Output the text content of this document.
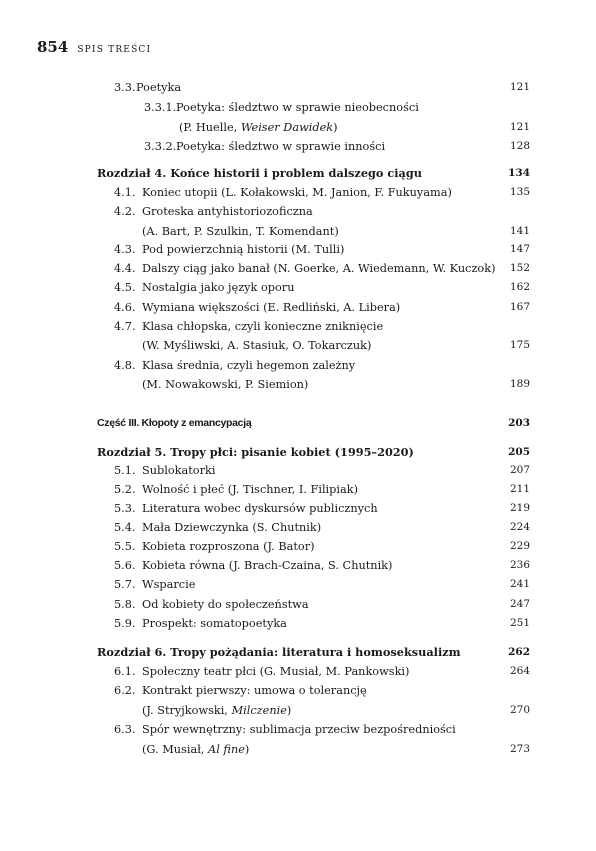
854 SPIS TREŚCI
3.3. Poetyka	121
3.3.1. Poetyka: śledztwo w sprawie nieobecności
(P. Huelle, Weiser Dawidek)	121
3.3.2. Poetyka: śledztwo w sprawie inności	128
Rozdział 4. Końce historii i problem dalszego ciągu	134
4.1. Koniec utopii (L. Kołakowski, M. Janion, F. Fukuyama)	135
4.2. Groteska antyhistoriozoficzna
(A. Bart, P. Szulkin, T. Komendant)	141
4.3. Pod powierzchnią historii (M. Tulli)	147
4.4. Dalszy ciąg jako banał (N. Goerke, A. Wiedemann, W. Kuczok) 152
4.5. Nostalgia jako język oporu	162
4.6. Wymiana większości (E. Redliński, A. Libera)	167
4.7. Klasa chłopska, czyli konieczne zniknięcie
(W. Myśliwski, A. Stasiuk, O. Tokarczuk)	175
4.8. Klasa średnia, czyli hegemon zależny
(M. Nowakowski, P. Siemion)	189
Część III. Kłopoty z emancypacją	203
Rozdział 5. Tropy płci: pisanie kobiet (1995–2020)	205
5.1. Sublokatorki	207
5.2. Wolność i płeć (J. Tischner, I. Filipiak)	211
5.3. Literatura wobec dyskursów publicznych	219
5.4. Mała Dziewczynka (S. Chutnik)	224
5.5. Kobieta rozproszona (J. Bator)	229
5.6. Kobieta równa (J. Brach-Czaina, S. Chutnik)	236
5.7. Wsparcie	241
5.8. Od kobiety do społeczeństwa	247
5.9. Prospekt: somatopoetyka	251
Rozdział 6. Tropy pożądania: literatura i homoseksualizm	262
6.1. Społeczny teatr płci (G. Musiał, M. Pankowski)	264
6.2. Kontrakt pierwszy: umowa o tolerancję
(J. Stryjkowski, Milczenie)	270
6.3. Spór wewnętrzny: sublimacja przeciw bezpośredniości
(G. Musiał, Al fine)	273
